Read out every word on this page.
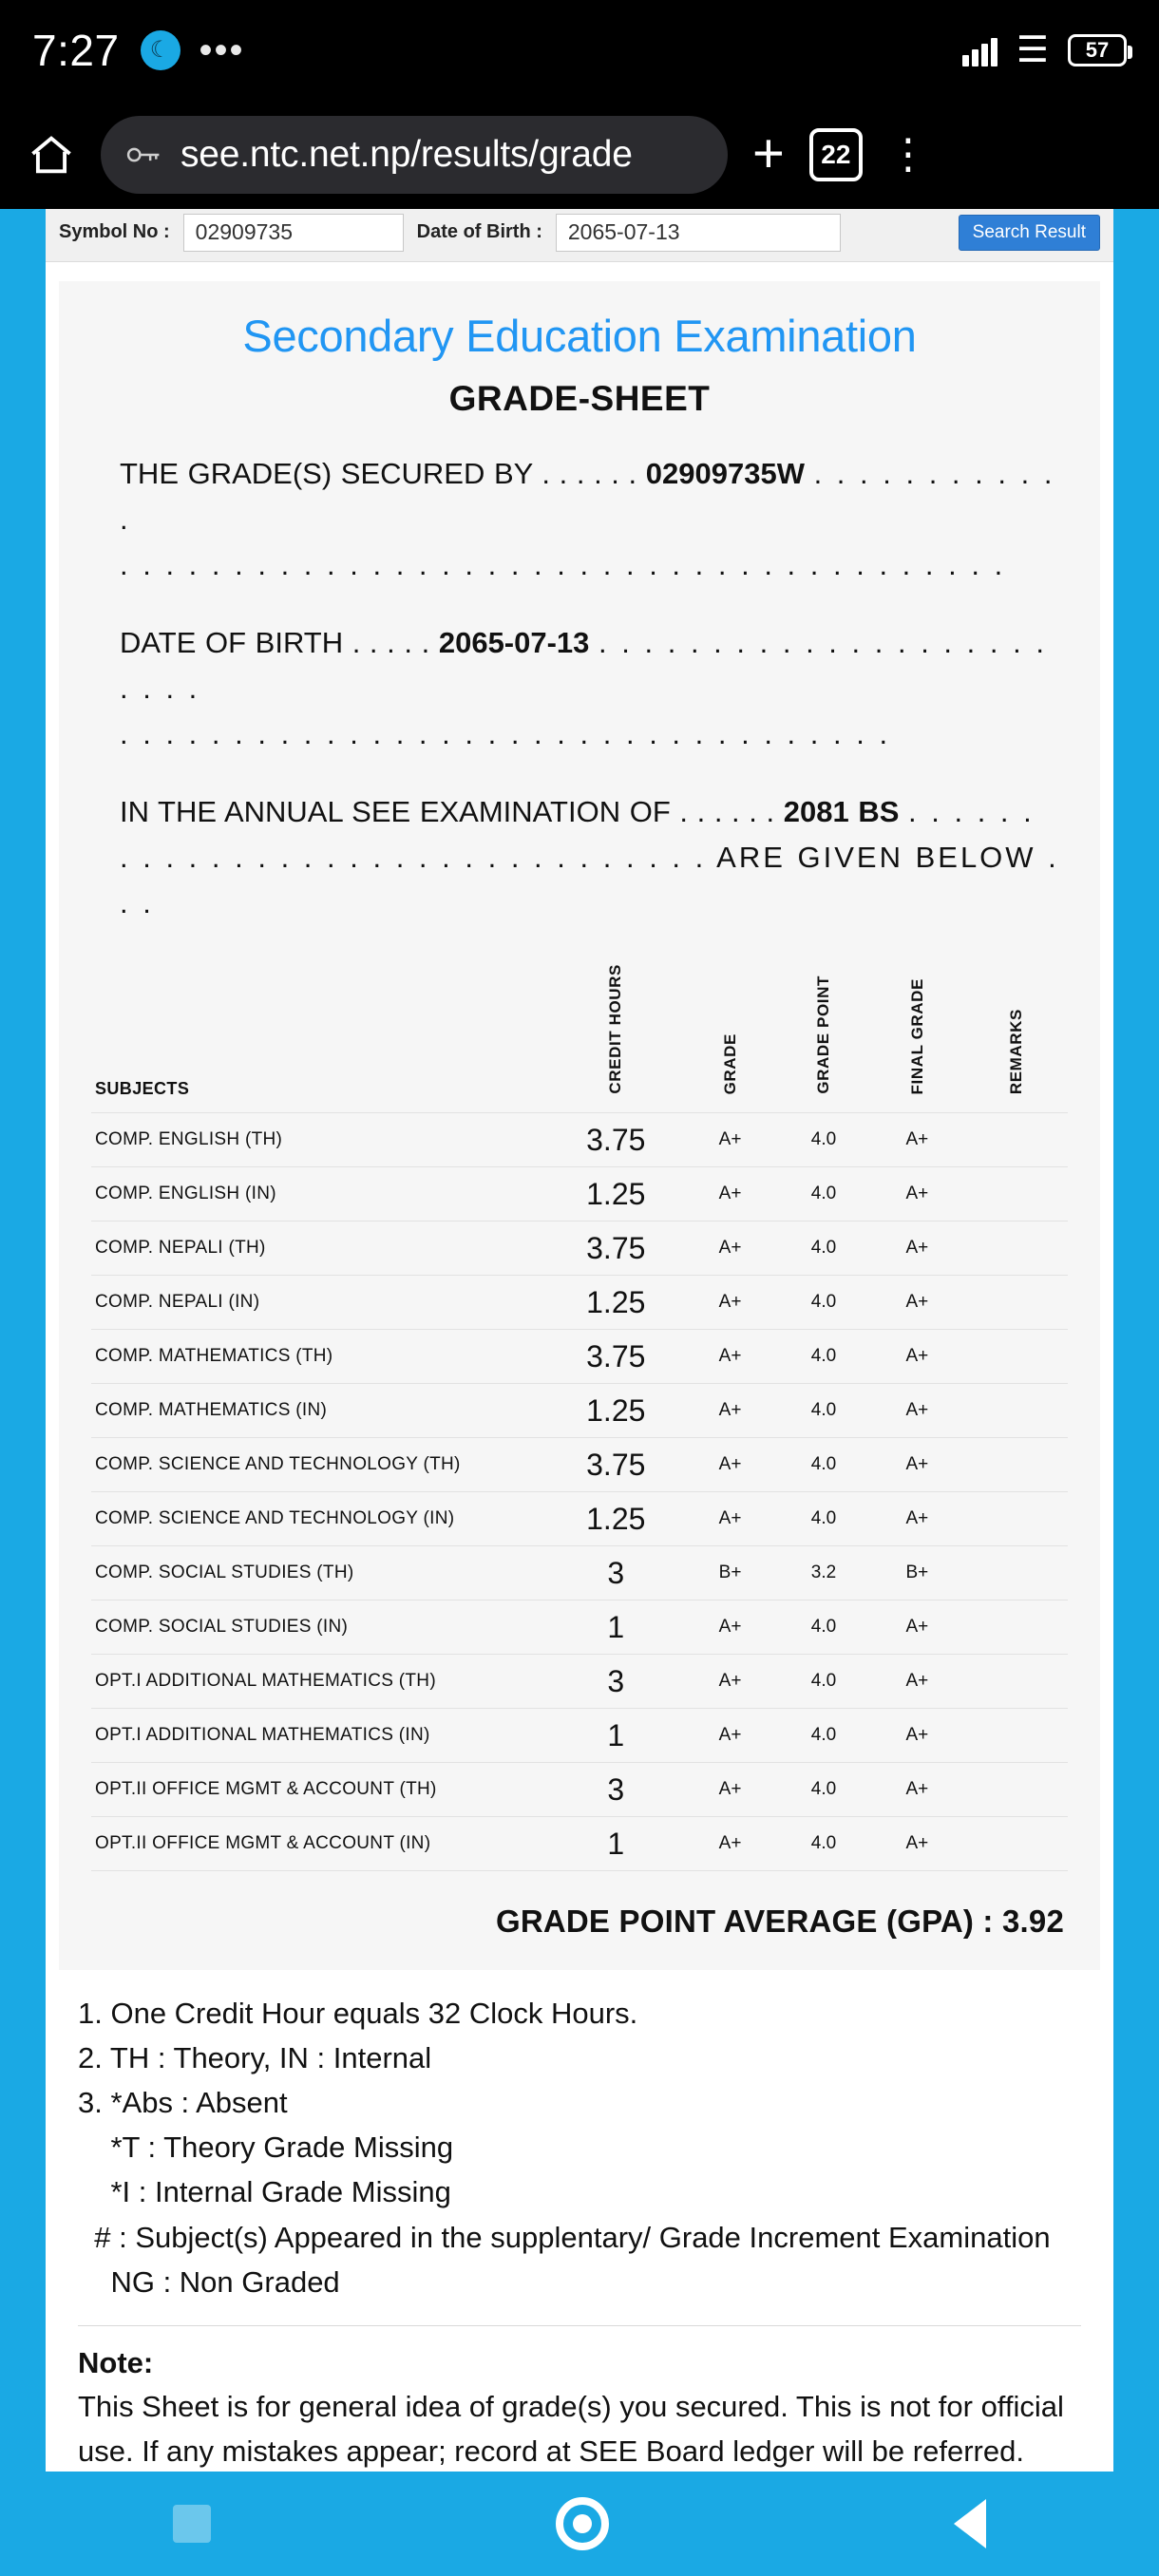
7:27	☾ •••	☰ 57
see.ntc.net.np/results/grade + 22 ⋮
Symbol No :	02909735	Date of Birth :	2065-07-13	Search Result
Secondary Education Examination
GRADE-SHEET
THE GRADE(S) SECURED BY . . . . . . 02909735W . . . . . . . . . . . .
. . . . . . . . . . . . . . . . . . . . . . . . . . . . . . . . . . . . . . .
DATE OF BIRTH . . . . . 2065-07-13 . . . . . . . . . . . . . . . . . . . . . . . .
. . . . . . . . . . . . . . . . . . . . . . . . . . . . . . . . . .
IN THE ANNUAL SEE EXAMINATION OF . . . . . . 2081 BS . . . . . .
. . . . . . . . . . . . . . . . . . . . . . . . . . ARE GIVEN BELOW . . .
SUBJECTS	CREDIT HOURS	GRADE	GRADE POINT	FINAL GRADE	REMARKS
COMP. ENGLISH (TH)	3.75	A+	4.0	A+	
COMP. ENGLISH (IN)	1.25	A+	4.0	A+	
COMP. NEPALI (TH)	3.75	A+	4.0	A+	
COMP. NEPALI (IN)	1.25	A+	4.0	A+	
COMP. MATHEMATICS (TH)	3.75	A+	4.0	A+	
COMP. MATHEMATICS (IN)	1.25	A+	4.0	A+	
COMP. SCIENCE AND TECHNOLOGY (TH)	3.75	A+	4.0	A+	
COMP. SCIENCE AND TECHNOLOGY (IN)	1.25	A+	4.0	A+	
COMP. SOCIAL STUDIES (TH)	3	B+	3.2	B+	
COMP. SOCIAL STUDIES (IN)	1	A+	4.0	A+	
OPT.I ADDITIONAL MATHEMATICS (TH)	3	A+	4.0	A+	
OPT.I ADDITIONAL MATHEMATICS (IN)	1	A+	4.0	A+	
OPT.II OFFICE MGMT & ACCOUNT (TH)	3	A+	4.0	A+	
OPT.II OFFICE MGMT & ACCOUNT (IN)	1	A+	4.0	A+	
GRADE POINT AVERAGE (GPA) : 3.92
1. One Credit Hour equals 32 Clock Hours.
2. TH : Theory, IN : Internal
3. *Abs : Absent
*T : Theory Grade Missing
*I : Internal Grade Missing
# : Subject(s) Appeared in the supplentary/ Grade Increment Examination
NG : Non Graded
Note:
This Sheet is for general idea of grade(s) you secured. This is not for official use. If any mistakes appear; record at SEE Board ledger will be referred.
